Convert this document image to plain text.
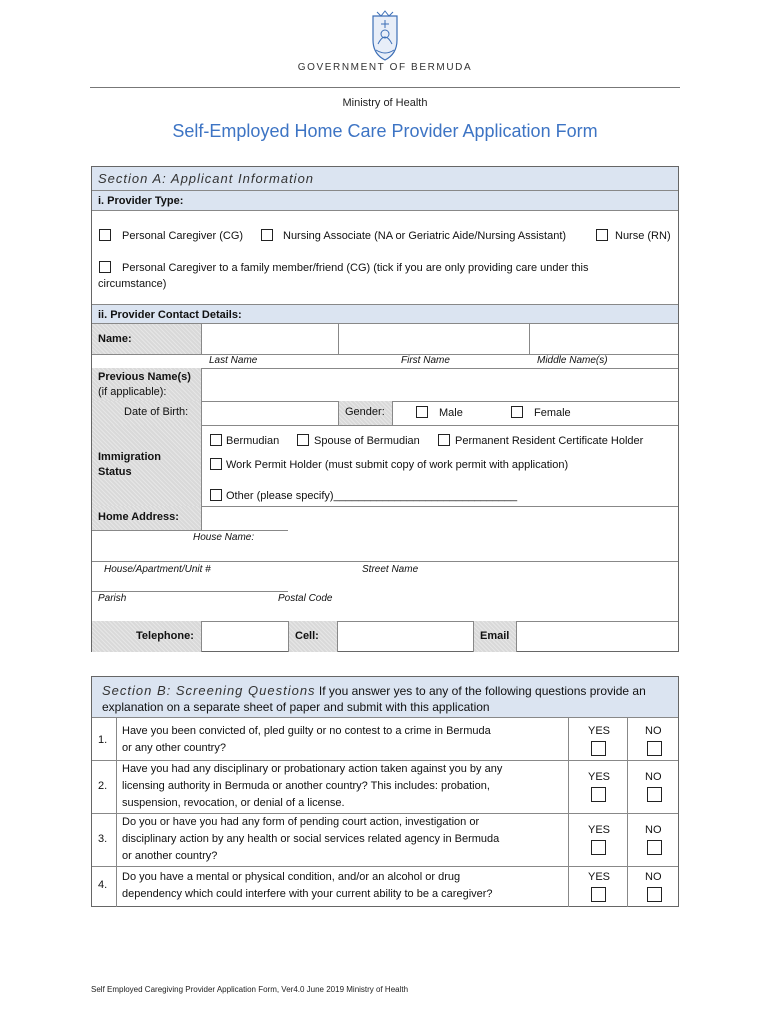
GOVERNMENT OF BERMUDA
Ministry of Health
Self-Employed Home Care Provider Application Form
Section A: Applicant Information
i. Provider Type:
Personal Caregiver (CG)	Nursing Associate (NA or Geriatric Aide/Nursing Assistant)	Nurse (RN)
Personal Caregiver to a family member/friend (CG) (tick if you are only providing care under this
circumstance)
ii. Provider Contact Details:
Name:
Last Name	First Name	Middle Name(s)
Previous Name(s)
(if applicable):
Date of Birth:	Gender:	Male	Female
Immigration
Status
Bermudian	Spouse of Bermudian	Permanent Resident Certificate Holder
Work Permit Holder (must submit copy of work permit with application)
Other (please specify)______________________________
Home Address:
House Name:
House/Apartment/Unit #	Street Name
Parish	Postal Code
Telephone:	Cell:	Email
Section B: Screening Questions If you answer yes to any of the following questions provide an
explanation on a separate sheet of paper and submit with this application
1.
Have you been convicted of, pled guilty or no contest to a crime in Bermuda
or any other country?
YES	NO
2.
Have you had any disciplinary or probationary action taken against you by any
licensing authority in Bermuda or another country? This includes: probation,
suspension, revocation, or denial of a license.
YES	NO
3.
Do you or have you had any form of pending court action, investigation or
disciplinary action by any health or social services related agency in Bermuda
or another country?
YES	NO
4.
Do you have a mental or physical condition, and/or an alcohol or drug
dependency which could interfere with your current ability to be a caregiver?
YES	NO
Self Employed Caregiving Provider Application Form, Ver4.0 June 2019 Ministry of Health
